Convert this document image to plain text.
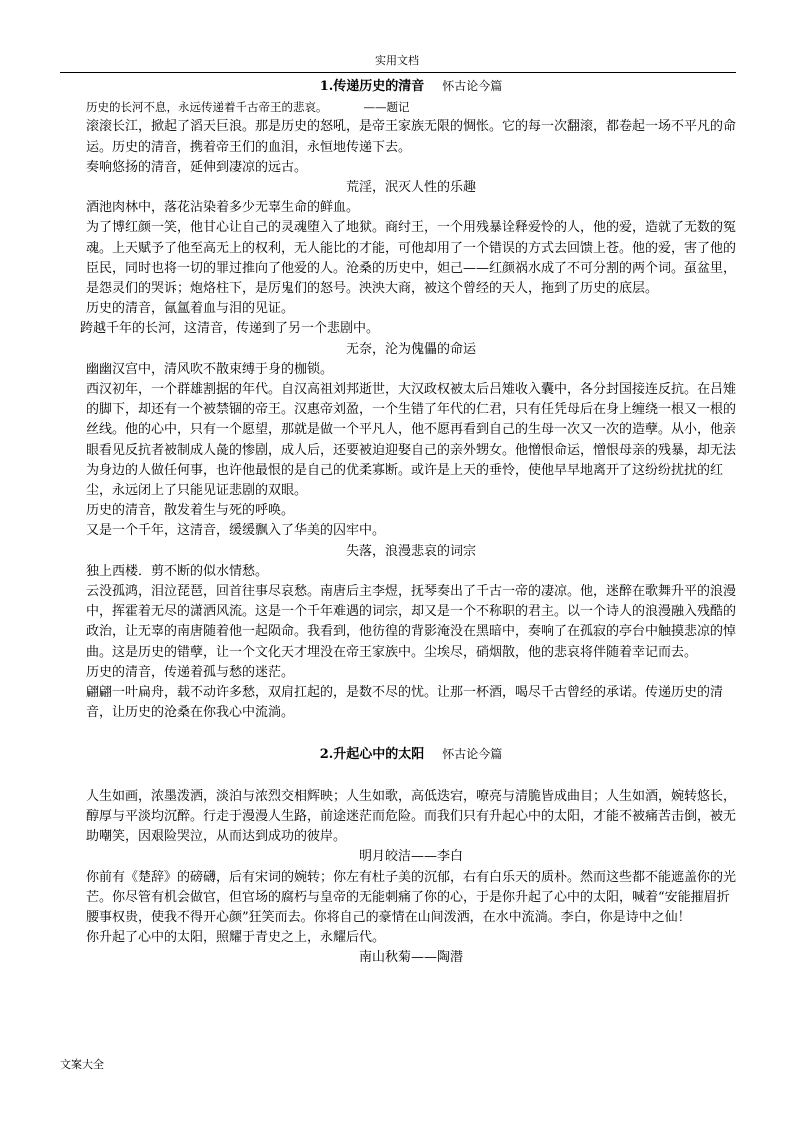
实用文档

1.传递历史的清音 怀古论今篇

历史的长河不息，永远传递着千古帝王的悲哀。	——题记

滚滚长江，掀起了滔天巨浪。那是历史的怒吼，是帝王家族无限的惆怅。它的每一次翻滚，都卷起一场不平凡的命运。历史的清音，携着帝王们的血泪，永恒地传递下去。

奏响悠扬的清音，延伸到凄凉的远古。

荒淫，泯灭人性的乐趣

酒池肉林中，落花沾染着多少无辜生命的鲜血。

为了博红颜一笑，他甘心让自己的灵魂堕入了地狱。商纣王，一个用残暴诠释爱怜的人，他的爱，造就了无数的冤魂。上天赋予了他至高无上的权利，无人能比的才能，可他却用了一个错误的方式去回馈上苍。他的爱，害了他的臣民，同时也将一切的罪过推向了他爱的人。沧桑的历史中，妲己——红颜祸水成了不可分割的两个词。虿盆里，是怨灵们的哭诉；炮烙柱下，是厉鬼们的怒号。泱泱大商，被这个曾经的天人，拖到了历史的底层。

历史的清音，氤氲着血与泪的见证。

跨越千年的长河，这清音，传递到了另一个悲剧中。

无奈，沦为傀儡的命运

幽幽汉宫中，清风吹不散束缚于身的枷锁。

西汉初年，一个群雄割据的年代。自汉高祖刘邦逝世，大汉政权被太后吕雉收入囊中，各分封国接连反抗。在吕雉的脚下，却还有一个被禁锢的帝王。汉惠帝刘盈，一个生错了年代的仁君，只有任凭母后在身上缠绕一根又一根的丝线。他的心中，只有一个愿望，那就是做一个平凡人，他不愿再看到自己的生母一次又一次的造孽。从小，他亲眼看见反抗者被制成人彘的惨剧，成人后，还要被迫迎娶自己的亲外甥女。他憎恨命运，憎恨母亲的残暴，却无法为身边的人做任何事，也许他最恨的是自己的优柔寡断。或许是上天的垂怜，使他早早地离开了这纷纷扰扰的红尘，永远闭上了只能见证悲剧的双眼。

历史的清音，散发着生与死的呼唤。

又是一个千年，这清音，缓缓飘入了华美的囚牢中。

失落，浪漫悲哀的词宗

独上西楼．剪不断的似水情愁。

云没孤鸿，泪泣琵琶，回首往事尽哀愁。南唐后主李煜，抚琴奏出了千古一帝的凄凉。他，迷醉在歌舞升平的浪漫中，挥霍着无尽的潇洒风流。这是一个千年难遇的词宗，却又是一个不称职的君主。以一个诗人的浪漫融入残酷的政治，让无辜的南唐随着他一起陨命。我看到，他彷徨的背影淹没在黑暗中，奏响了在孤寂的亭台中触摸悲凉的悼曲。这是历史的错孽，让一个文化天才埋没在帝王家族中。尘埃尽，硝烟散，他的悲哀将伴随着幸记而去。

历史的清音，传递着孤与愁的迷茫。

翩翩一叶扁舟，载不动许多愁，双肩扛起的，是数不尽的忧。让那一杯酒，喝尽千古曾经的承诺。传递历史的清音，让历史的沧桑在你我心中流淌。

2.升起心中的太阳 怀古论今篇

人生如画，浓墨泼洒，淡泊与浓烈交相辉映；人生如歌，高低迭宕，嘹亮与清脆皆成曲目；人生如酒，婉转悠长，醇厚与平淡均沉醉。行走于漫漫人生路，前途迷茫而危险。而我们只有升起心中的太阳，才能不被痛苦击倒，被无助嘲笑，因艰险哭泣，从而达到成功的彼岸。

明月皎洁——李白

你前有《楚辞》的磅礴，后有宋词的婉转；你左有杜子美的沉郁，右有白乐天的质朴。然而这些都不能遮盖你的光芒。你尽管有机会做官，但官场的腐朽与皇帝的无能刺痛了你的心，于是你升起了心中的太阳，喊着“安能摧眉折腰事权贵，使我不得开心颜”狂笑而去。你将自己的豪情在山间泼洒，在水中流淌。李白，你是诗中之仙！

你升起了心中的太阳，照耀于青史之上，永耀后代。

南山秋菊——陶潜

文案大全
